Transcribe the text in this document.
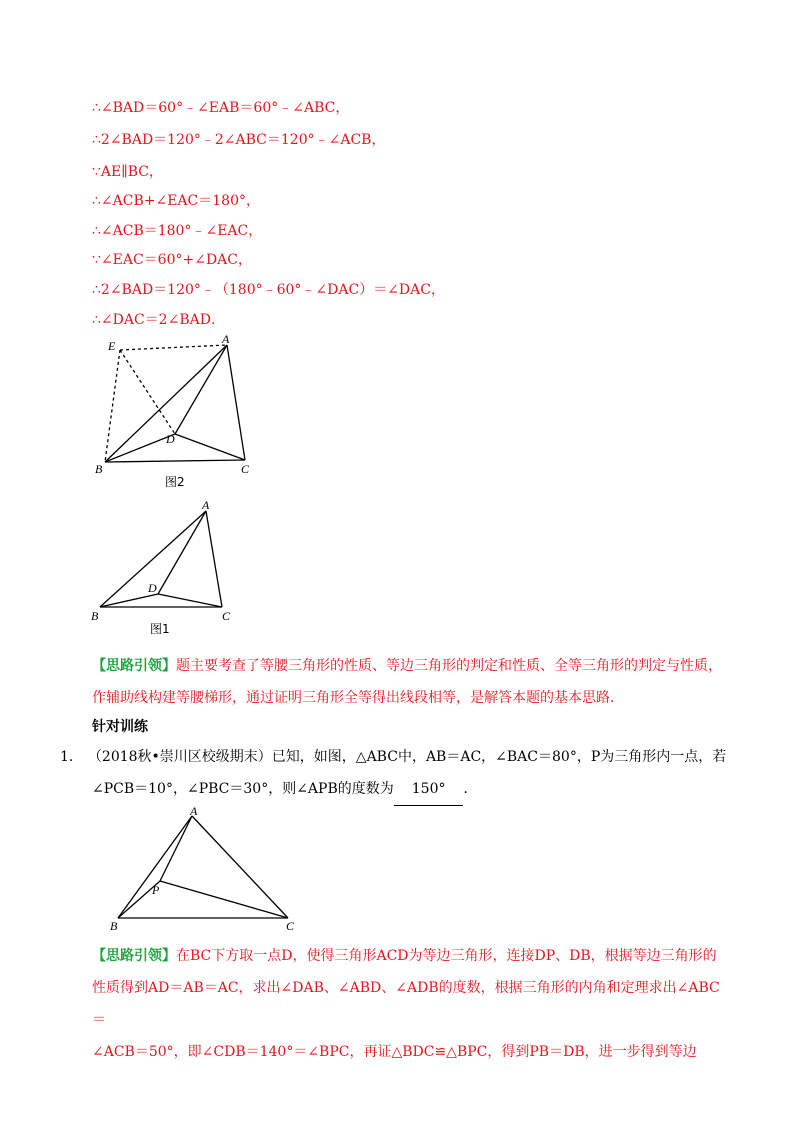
∴∠BAD＝60°﹣∠EAB＝60°﹣∠ABC，
∴2∠BAD＝120°﹣2∠ABC＝120°﹣∠ACB，
∵AE∥BC，
∴∠ACB+∠EAC＝180°，
∴∠ACB＝180°﹣∠EAC，
∵∠EAC＝60°+∠DAC，
∴2∠BAD＝120°﹣（180°﹣60°﹣∠DAC）＝∠DAC，
∴∠DAC＝2∠BAD．
E	A
D
B	C
图2
A
D
B	C
图1
【思路引领】题主要考查了等腰三角形的性质、等边三角形的判定和性质、全等三角形的判定与性质，
作辅助线构建等腰梯形，通过证明三角形全等得出线段相等，是解答本题的基本思路．
针对训练
1． （2018秋•崇川区校级期末）已知，如图，△ABC中，AB＝AC，∠BAC＝80°，P为三角形内一点，若
∠PCB＝10°，∠PBC＝30°，则∠APB的度数为 150° ．
A
P
B	C
【思路引领】在BC下方取一点D，使得三角形ACD为等边三角形，连接DP、DB，根据等边三角形的
性质得到AD＝AB＝AC，求出∠DAB、∠ABD、∠ADB的度数，根据三角形的内角和定理求出∠ABC＝
∠ACB＝50°，即∠CDB＝140°＝∠BPC，再证△BDC≌△BPC，得到PB＝DB，进一步得到等边
